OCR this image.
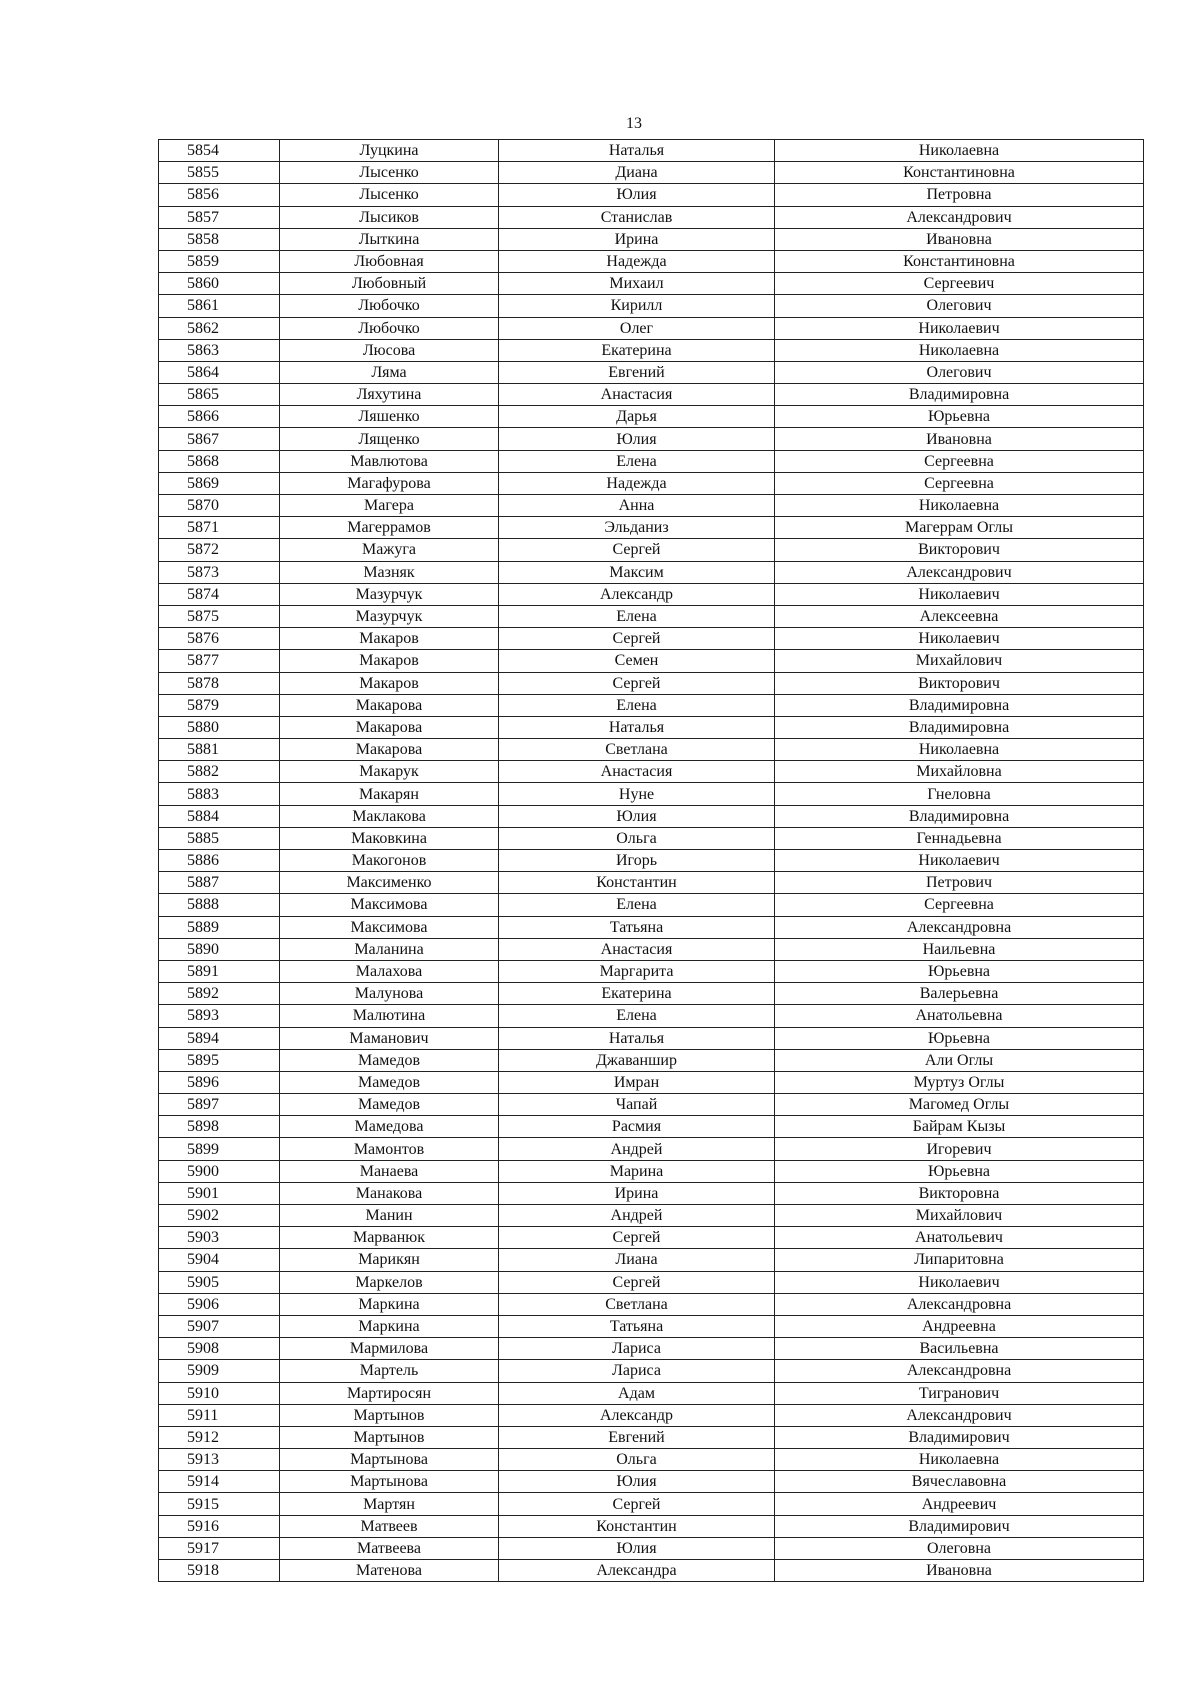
13
5854	Луцкина	Наталья	Николаевна
5855	Лысенко	Диана	Константиновна
5856	Лысенко	Юлия	Петровна
5857	Лысиков	Станислав	Александрович
5858	Лыткина	Ирина	Ивановна
5859	Любовная	Надежда	Константиновна
5860	Любовный	Михаил	Сергеевич
5861	Любочко	Кирилл	Олегович
5862	Любочко	Олег	Николаевич
5863	Люсова	Екатерина	Николаевна
5864	Ляма	Евгений	Олегович
5865	Ляхутина	Анастасия	Владимировна
5866	Ляшенко	Дарья	Юрьевна
5867	Лященко	Юлия	Ивановна
5868	Мавлютова	Елена	Сергеевна
5869	Магафурова	Надежда	Сергеевна
5870	Магера	Анна	Николаевна
5871	Магеррамов	Эльданиз	Магеррам Оглы
5872	Мажуга	Сергей	Викторович
5873	Мазняк	Максим	Александрович
5874	Мазурчук	Александр	Николаевич
5875	Мазурчук	Елена	Алексеевна
5876	Макаров	Сергей	Николаевич
5877	Макаров	Семен	Михайлович
5878	Макаров	Сергей	Викторович
5879	Макарова	Елена	Владимировна
5880	Макарова	Наталья	Владимировна
5881	Макарова	Светлана	Николаевна
5882	Макарук	Анастасия	Михайловна
5883	Макарян	Нуне	Гнеловна
5884	Маклакова	Юлия	Владимировна
5885	Маковкина	Ольга	Геннадьевна
5886	Макогонов	Игорь	Николаевич
5887	Максименко	Константин	Петрович
5888	Максимова	Елена	Сергеевна
5889	Максимова	Татьяна	Александровна
5890	Маланина	Анастасия	Наильевна
5891	Малахова	Маргарита	Юрьевна
5892	Малунова	Екатерина	Валерьевна
5893	Малютина	Елена	Анатольевна
5894	Маманович	Наталья	Юрьевна
5895	Мамедов	Джаваншир	Али Оглы
5896	Мамедов	Имран	Муртуз Оглы
5897	Мамедов	Чапай	Магомед Оглы
5898	Мамедова	Расмия	Байрам Кызы
5899	Мамонтов	Андрей	Игоревич
5900	Манаева	Марина	Юрьевна
5901	Манакова	Ирина	Викторовна
5902	Манин	Андрей	Михайлович
5903	Марванюк	Сергей	Анатольевич
5904	Марикян	Лиана	Липаритовна
5905	Маркелов	Сергей	Николаевич
5906	Маркина	Светлана	Александровна
5907	Маркина	Татьяна	Андреевна
5908	Мармилова	Лариса	Васильевна
5909	Мартель	Лариса	Александровна
5910	Мартиросян	Адам	Тигранович
5911	Мартынов	Александр	Александрович
5912	Мартынов	Евгений	Владимирович
5913	Мартынова	Ольга	Николаевна
5914	Мартынова	Юлия	Вячеславовна
5915	Мартян	Сергей	Андреевич
5916	Матвеев	Константин	Владимирович
5917	Матвеева	Юлия	Олеговна
5918	Матенова	Александра	Ивановна
